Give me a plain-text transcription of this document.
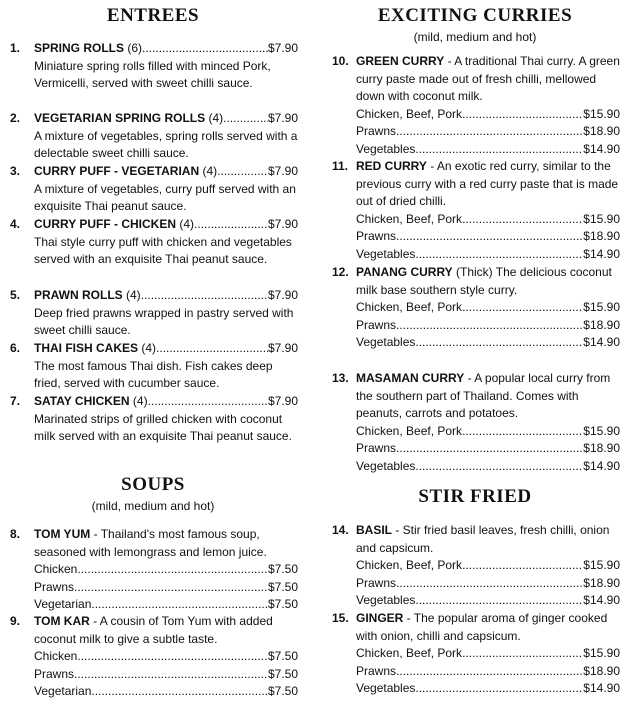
ENTREES
1. SPRING ROLLS
(6) .....	$7.90
Miniature spring rolls filled with minced Pork, Vermicelli, served with sweet chilli sauce.
2. VEGETARIAN SPRING ROLLS
(4) .....	$7.90
A mixture of vegetables, spring rolls served with a delectable sweet chilli sauce.
3. CURRY PUFF - VEGETARIAN
(4) .....	$7.90
A mixture of vegetables, curry puff served with an exquisite Thai peanut sauce.
4. CURRY PUFF - CHICKEN
(4) .....	$7.90
Thai style curry puff with chicken and vegetables served with an exquisite Thai peanut sauce.
5. PRAWN ROLLS
(4) .....	$7.90
Deep fried prawns wrapped in pastry served with sweet chilli sauce.
6. THAI FISH CAKES
(4) .....	$7.90
The most famous Thai dish. Fish cakes deep fried, served with cucumber sauce.
7. SATAY CHICKEN
(4) .....	$7.90
Marinated strips of grilled chicken with coconut milk served with an exquisite Thai peanut sauce.
SOUPS
(mild, medium and hot)
8. TOM YUM - Thailand's most famous soup, seasoned with lemongrass and lemon juice.
Chicken .....	$7.50
Prawns .....	$7.50
Vegetarian .....	$7.50
9. TOM KAR - A cousin of Tom Yum with added coconut milk to give a subtle taste.
Chicken .....	$7.50
Prawns .....	$7.50
Vegetarian .....	$7.50
EXCITING CURRIES
(mild, medium and hot)
10. GREEN CURRY - A traditional Thai curry. A green curry paste made out of fresh chilli, mellowed down with coconut milk.
Chicken, Beef, Pork .....	$15.90
Prawns .....	$18.90
Vegetables .....	$14.90
11. RED CURRY - An exotic red curry, similar to the previous curry with a red curry paste that is made out of dried chilli.
Chicken, Beef, Pork .....	$15.90
Prawns .....	$18.90
Vegetables .....	$14.90
12. PANANG CURRY (Thick) The delicious coconut milk base southern style curry.
Chicken, Beef, Pork .....	$15.90
Prawns .....	$18.90
Vegetables .....	$14.90
13. MASAMAN CURRY - A popular local curry from the southern part of Thailand. Comes with peanuts, carrots and potatoes.
Chicken, Beef, Pork .....	$15.90
Prawns .....	$18.90
Vegetables .....	$14.90
STIR FRIED
14. BASIL - Stir fried basil leaves, fresh chilli, onion and capsicum.
Chicken, Beef, Pork .....	$15.90
Prawns .....	$18.90
Vegetables .....	$14.90
15. GINGER - The popular aroma of ginger cooked with onion, chilli and capsicum.
Chicken, Beef, Pork .....	$15.90
Prawns .....	$18.90
Vegetables .....	$14.90
